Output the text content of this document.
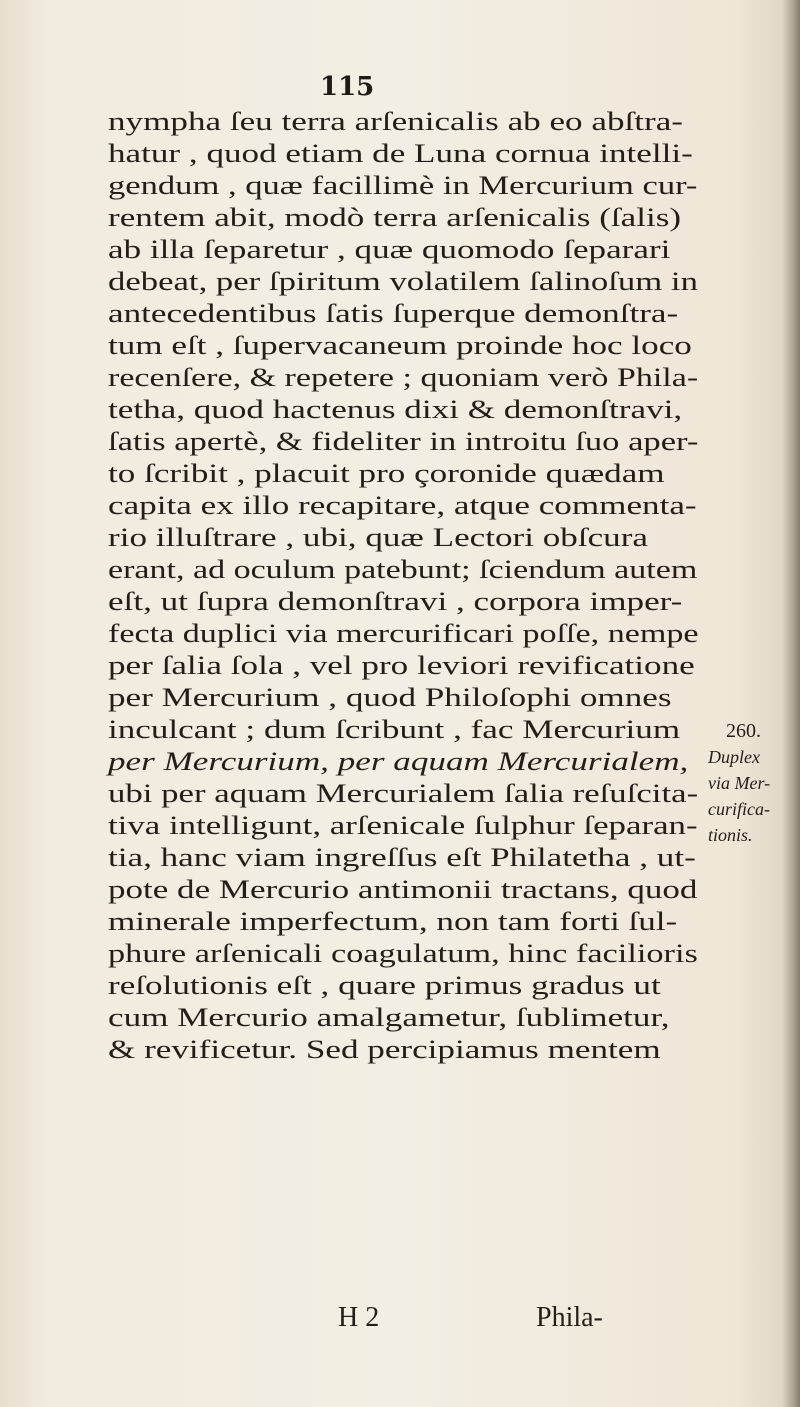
115
nympha ſeu terra arſenicalis ab eo abſtra-
hatur , quod etiam de Luna cornua intelli-
gendum , quæ facillimè in Mercurium cur-
rentem abit, modò terra arſenicalis (ſalis)
ab illa ſeparetur , quæ quomodo ſeparari
debeat, per ſpiritum volatilem ſalinoſum in
antecedentibus ſatis ſuperque demonſtra-
tum eſt , ſupervacaneum proinde hoc loco
recenſere, & repetere ; quoniam verò Phila-
tetha, quod hactenus dixi & demonſtravi,
ſatis apertè, & fideliter in introitu ſuo aper-
to ſcribit , placuit pro çoronide quædam
capita ex illo recapitare, atque commenta-
rio illuſtrare , ubi, quæ Lectori obſcura
erant, ad oculum patebunt; ſciendum autem
eſt, ut ſupra demonſtravi , corpora imper-
fecta duplici via mercurificari poſſe, nempe
per ſalia ſola , vel pro leviori revificatione
per Mercurium , quod Philoſophi omnes
inculcant ; dum ſcribunt , fac Mercurium
per Mercurium, per aquam Mercurialem,
ubi per aquam Mercurialem ſalia reſuſcita-
tiva intelligunt, arſenicale ſulphur ſeparan-
tia, hanc viam ingreſſus eſt Philatetha , ut-
pote de Mercurio antimonii tractans, quod
minerale imperfectum, non tam forti ſul-
phure arſenicali coagulatum, hinc facilioris
reſolutionis eſt , quare primus gradus ut
cum Mercurio amalgametur, ſublimetur,
& revificetur. Sed percipiamus mentem
260.
Duplex
via Mer-
curifica-
tionis.
H 2	Phila-
